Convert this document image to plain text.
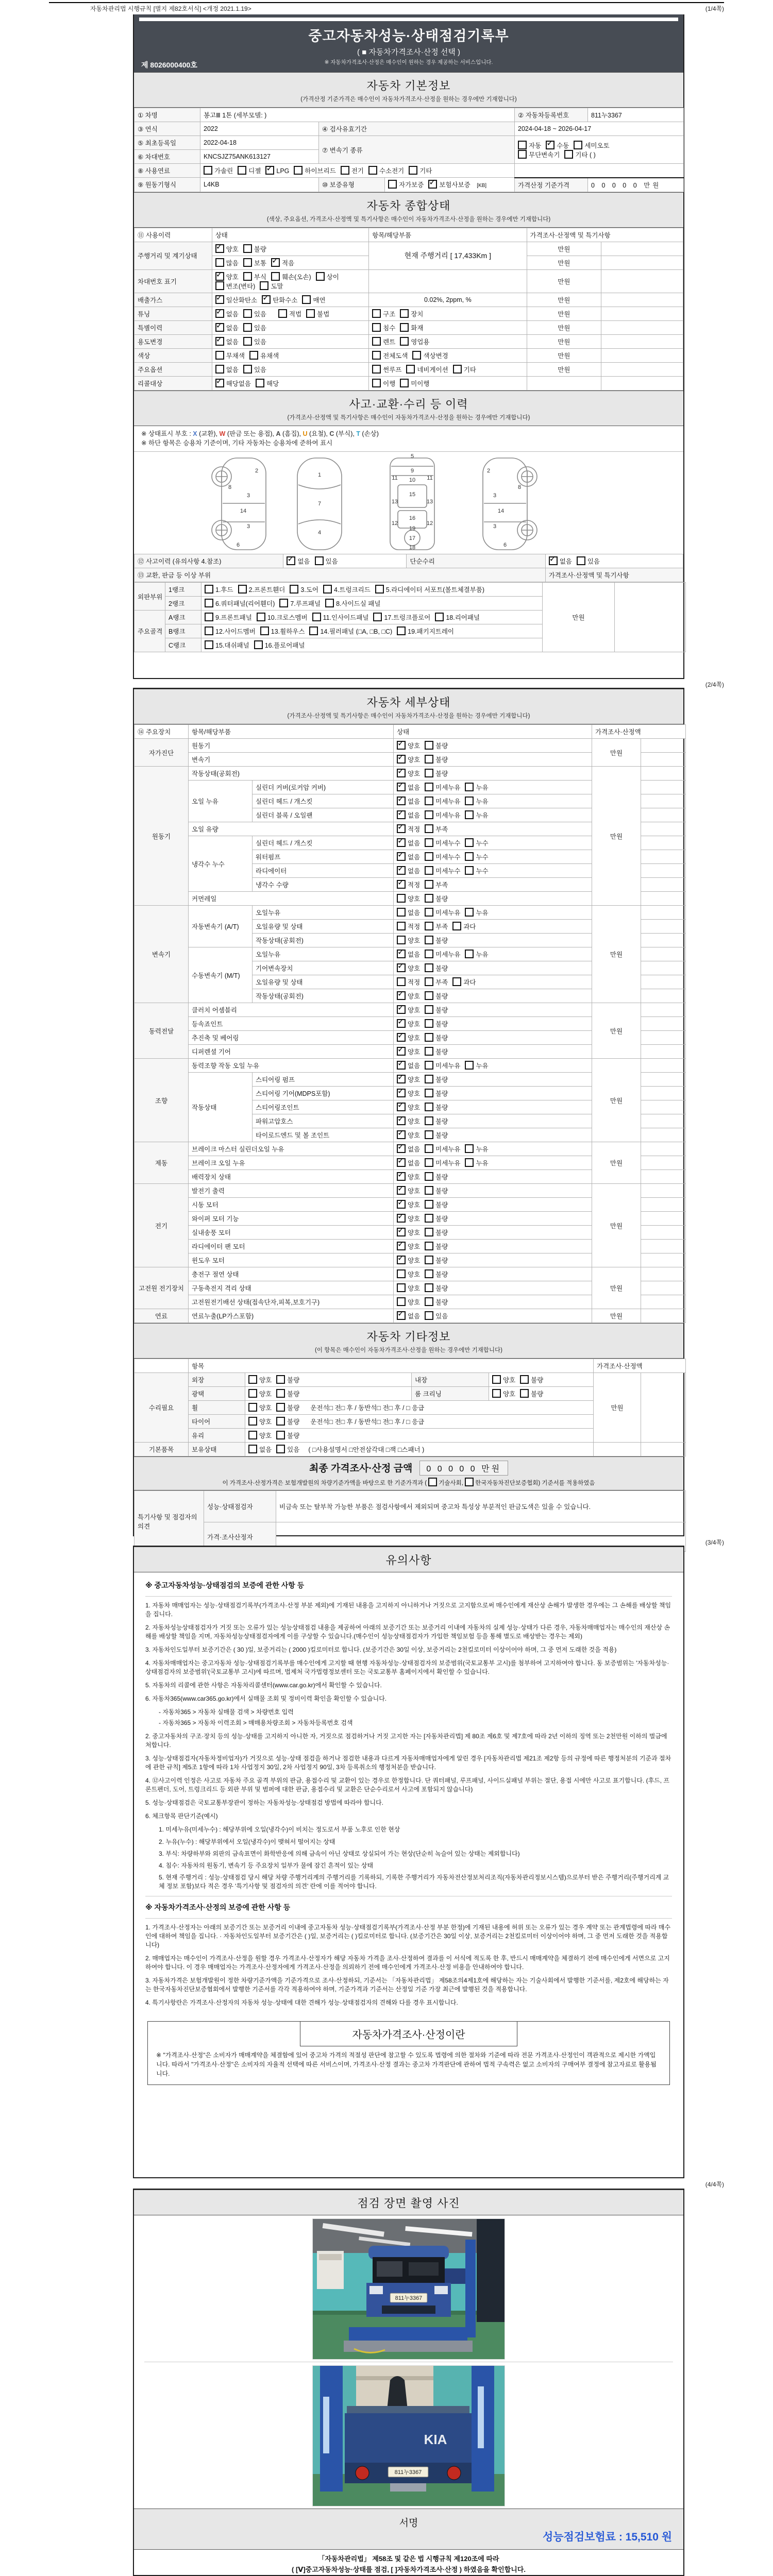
자동차관리법 시행규칙 [별지 제82호서식] <개정 2021.1.19>	(1/4쪽)
(2/4쪽)
(3/4쪽)
(4/4쪽)
중고자동차성능·상태점검기록부
( ■ 자동차가격조사·산정 선택 )
※ 자동차가격조사·산정은 매수인이 원하는 경우 제공하는 서비스입니다.
제 8026000400호
자동차 기본정보
(가격산정 기준가격은 매수인이 자동차가격조사·산정을 원하는 경우에만 기재합니다)
① 차명	봉고Ⅲ 1톤 (세부모델: )			② 자동차등록번호	811누3367
③ 연식	2022	④ 검사유효기간		2024-04-18 ~ 2026-04-17	
⑤ 최초등록일	2022-04-18	⑦ 변속기 종류		자동 ✓ 수동 세미오토
무단변속기 기타 ( )
⑥ 차대번호	KNCSJZ75ANK613127				
⑧ 사용연료	가솔린 디젤 ✓ LPG 하이브리드 전기 수소전기 기타	
⑨ 원동기형식	L4KB	⑩ 보증유형	자가보증 ✓ 보험사보증 [KB]	가격산정 기준가격	0 0 0 0 0 만원
자동차 종합상태
(색상, 주요옵션, 가격조사·산정액 및 특기사항은 매수인이 자동차가격조사·산정을 원하는 경우에만 기재합니다)
⑪ 사용이력	상태	항목/해당부품	가격조사·산정액 및 특기사항	
주행거리 및 계기상태	✓양호 불량	현재 주행거리 [ 17,433Km ]	만원	
	많음 보통 ✓ 적음		만원	
차대번호 표기	✓양호 부식 훼손(오손) 상이변조(변타) 도말		만원	
배출가스	✓일산화탄소 ✓ 탄화수소 매연	0.02%, 2ppm, %	만원	
튜닝	✓없음 있음 적법 불법	구조 장치	만원	
특별이력	✓없음 있음	침수 화재	만원	
용도변경	✓없음 있음	렌트 영업용	만원	
색상	무채색 유채색	전체도색 색상변경	만원	
주요옵션	없음 있음	썬루프 네비게이션 기타	만원	
리콜대상	✓해당없음 해당	이행 미이행		
사고·교환·수리 등 이력
(가격조사·산정액 및 특기사항은 매수인이 자동차가격조사·산정을 원하는 경우에만 기재합니다)
※ 상태표시 부호 : X (교환), W (판금 또는 용접), A (흠집), U (요철), C (부식), T (손상)
※ 하단 항목은 승용차 기준이며, 기타 자동차는 승용차에 준하여 표시
2
8
3
14
3
6
1
7
4
5
9
10
15
16
11	11
13	13
19
12	12
17
18
2
3
8
14
3
6
⑫ 사고이력 (유의사항 4.참조)	✓없음 있음	단순수리	✓없음 있음
⑬ 교환, 판금 등 이상 부위			가격조사·산정액 및 특기사항
외판부위	1랭크	1.후드 2.프론트휀더 3.도어 4.트렁크리드 5.라디에이터 서포트(볼트체결부품)	만원	
	2랭크	6.쿼터패널(리어휀더) 7.루프패널 8.사이드실 패널		
주요골격	A랭크	9.프론트패널 10.크로스멤버 11.인사이드패널 17.트렁크플로어 18.리어패널		
	B랭크	12.사이드멤버 13.휠하우스 14.필러패널 (□A, □B, □C) 19.패키지트레이		
	C랭크	15.대쉬패널 16.플로어패널		
자동차 세부상태
(가격조사·산정액 및 특기사항은 매수인이 자동차가격조사·산정을 원하는 경우에만 기재합니다)
⑭ 주요장치	항목/해당부품		상태	가격조사·산정액	
자가진단	원동기	✓양호 불량	만원	
	변속기	✓양호 불량	
원동기	작동상태(공회전)	✓양호 불량	만원	
	오일 누유	실린더 커버(로커암 커버)	✓없음 미세누유 누유	
		실린더 헤드 / 개스킷	✓없음 미세누유 누유	
		실린더 블록 / 오일팬	✓없음 미세누유 누유	
	오일 유량	✓적정 부족	
	냉각수 누수	실린더 헤드 / 개스킷	✓없음 미세누수 누수	
		워터펌프	✓없음 미세누수 누수	
		라디에이터	✓없음 미세누수 누수	
		냉각수 수량	✓적정 부족	
	커먼레일		양호 불량		
변속기	자동변속기 (A/T)	오일누유	없음 미세누유 누유	만원	
		오일유량 및 상태	적정 부족 과다		
		작동상태(공회전)	양호 불량		
	수동변속기 (M/T)	오일누유	✓없음 미세누유 누유	
		기어변속장치	✓양호 불량	
		오일유량 및 상태	적정 부족 과다		
		작동상태(공회전)	✓양호 불량	
동력전달	클러치 어셈블리	✓양호 불량	만원	
	등속죠인트	✓양호 불량	
	추진축 및 베어링	✓양호 불량	
	디퍼렌셜 기어	✓양호 불량	
조향	동력조향 작동 오일 누유	✓없음 미세누유 누유	만원	
	작동상태	스티어링 펌프	✓양호 불량	
		스티어링 기어(MDPS포함)	✓양호 불량	
		스티어링조인트	✓양호 불량	
		파워고압호스	✓양호 불량	
		타이로드엔드 및 볼 조인트	✓양호 불량	
제동	브레이크 마스터 실린더오일 누유	✓없음 미세누유 누유	만원	
	브레이크 오일 누유	✓없음 미세누유 누유	
	배력장치 상태	✓양호 불량	
전기	발전기 출력	✓양호 불량	만원	
	시동 모터	✓양호 불량	
	와이퍼 모터 기능	✓양호 불량	
	실내송풍 모터	✓양호 불량	
	라디에이터 팬 모터	✓양호 불량	
	윈도우 모터	✓양호 불량	
고전원 전기장치	충전구 절연 상태		양호 불량	만원	
	구동축전지 격리 상태		양호 불량		
	고전원전기배선 상태(접속단자,피복,보호기구)		양호 불량		
연료	연료누출(LP가스포함)	✓없음 있음	만원	
자동차 기타정보
(이 항목은 매수인이 자동차가격조사·산정을 원하는 경우에만 기재합니다)
	항목				가격조사·산정액	
수리필요	외장	양호 불량	내장	양호 불량	만원	
	광택	양호 불량	룸 크리닝	양호 불량		
	휠	양호 불량 운전석□ 전□ 후 / 동반석□ 전□ 후 / □ 응급				
	타이어	양호 불량 운전석□ 전□ 후 / 동반석□ 전□ 후 / □ 응급				
	유리	양호 불량				
기본품목	보유상태	없음 있음 ( □사용설명서 □안전삼각대 □잭 □스패너 )				
최종 가격조사·산정 금액 0 0 0 0 0 만원
이 가격조사·산정가격은 보험개발원의 차량기준가액을 바탕으로 한 기준가격과 ( 기술사회, 한국자동차진단보증협회) 기준서를 적용하였음
특기사항 및 점검자의 의견	성능·상태점검자	비금속 또는 탈부착 가능한 부품은 점검사항에서 제외되며 중고차 특성상 부분적인 판금도색은 있을 수 있습니다.
	가격·조사산정자	
유의사항
※ 중고자동차성능·상태점검의 보증에 관한 사항 등
1. 자동차 매매업자는 성능·상태점검기록부(가격조사·산정 부분 제외)에 기재된 내용을 고지하지 아니하거나 거짓으로 고지함으로써 매수인에게 재산상 손해가 발생한 경우에는 그 손해를 배상할 책임을 집니다.
2. 자동차성능상태점검자가 거짓 또는 오류가 있는 성능상태점검 내용을 제공하여 아래의 보증기간 또는 보증거리 이내에 자동차의 실제 성능·상태가 다른 경우, 자동차매매업자는 매수인의 재산상 손해를 배상할 책임을 지며, 자동차성능상태점검자에게 이를 구상할 수 있습니다.(매수인이 성능상태점검자가 가입한 책임보험 등을 통해 별도로 배상받는 경우는 제외)
3. 자동차인도일부터 보증기간은 ( 30 )일, 보증거리는 ( 2000 )킬로미터로 합니다. (보증기간은 30일 이상, 보증거리는 2천킬로미터 이상이어야 하며, 그 중 먼저 도래한 것을 적용)
4. 자동차매매업자는 중고자동차 성능·상태점검기록부를 매수인에게 고지할 때 현행 자동차성능·상태점검자의 보증범위(국토교통부 고시)를 첨부하여 고지하여야 합니다. 동 보증범위는 '자동차성능·상태점검자의 보증범위'(국토교통부 고시)에 따르며, 법제처 국가법령정보센터 또는 국토교통부 홈페이지에서 확인할 수 있습니다.
5. 자동차의 리콜에 관한 사항은 자동차리콜센터(www.car.go.kr)에서 확인할 수 있습니다.
6. 자동차365(www.car365.go.kr)에서 실매물 조회 및 정비이력 확인을 확인할 수 있습니다.
- 자동차365 > 자동차 실매물 검색 > 차량번호 입력
- 자동차365 > 자동차 이력조회 > 매매용차량조회 > 자동차등록번호 검색
2. 중고자동차의 구조·장치 등의 성능·상태를 고지하지 아니한 자, 거짓으로 점검하거나 거짓 고지한 자는 [자동차관리법] 제 80조 제6호 및 제7호에 따라 2년 이하의 징역 또는 2천만원 이하의 벌금에 처합니다.
3. 성능·상태점검자(자동차정비업자)가 거짓으로 성능·상태 점검을 하거나 점검한 내용과 다르게 자동차매매업자에게 알린 경우 [자동차관리법 제21조 제2항 등의 규정에 따른 행정처분의 기준과 절차에 관한 규칙] 제5조 1항에 따라 1차 사업정지 30일, 2차 사업정지 90일, 3차 등록취소의 행정처분을 받습니다.
4. ⑫사고이력 인정은 사고로 자동차 주요 골격 부위의 판금, 용접수리 및 교환이 있는 경우로 한정합니다. 단 쿼터패널, 루프패널, 사이드실패널 부위는 절단, 용접 시에만 사고로 표기합니다. (후드, 프론트펜더, 도어, 트렁크리드 등 외판 부위 및 범퍼에 대한 판금, 용접수리 및 교환은 단순수리로서 사고에 포함되지 않습니다)
5. 성능·상태점검은 국토교통부장관이 정하는 자동차성능·상태점검 방법에 따라야 합니다.
6. 체크항목 판단기준(예시)
1. 미세누유(미세누수) : 해당부위에 오일(냉각수)이 비치는 정도로서 부품 노후로 인한 현상
2. 누유(누수) : 해당부위에서 오일(냉각수)이 맺혀서 떨어지는 상태
3. 부식: 차량하부와 외판의 금속표면이 화학반응에 의해 금속이 아닌 상태로 상실되어 가는 현상(단순히 녹슬어 있는 상태는 제외합니다)
4. 침수: 자동차의 원동기, 변속기 등 주요장치 일부가 물에 잠긴 흔적이 있는 상태
5. 현재 주행거리 : 성능·상태점검 당시 해당 차량 주행거리계의 주행거리를 기록하되, 기록한 주행거리가 자동차전산정보처리조직(자동차관리정보시스템)으로부터 받은 주행거리(주행거리계 교체 정보 포함)보다 적은 경우 '특기사항 및 점검자의 의견' 란에 이를 적어야 합니다.
※ 자동차가격조사·산정의 보증에 관한 사항 등
1. 가격조사·산정자는 아래의 보증기간 또는 보증거리 이내에 중고자동차 성능·상태점검기록부(가격조사·산정 부분 한정)에 기재된 내용에 허위 또는 오류가 있는 경우 계약 또는 관계법령에 따라 매수인에 대하여 책임을 집니다. · 자동차인도일부터 보증기간은 ( )일, 보증거리는 ( )킬로미터로 합니다. (보증기간은 30일 이상, 보증거리는 2천킬로미터 이상이어야 하며, 그 중 먼저 도래한 것을 적용합니다)
2. 매매업자는 매수인이 가격조사·산정을 원할 경우 가격조사·산정자가 해당 자동차 가격을 조사·산정하여 결과를 이 서식에 적도록 한 후, 반드시 매매계약을 체결하기 전에 매수인에게 서면으로 고지하여야 합니다. 이 경우 매매업자는 가격조사·산정자에게 가격조사·산정을 의뢰하기 전에 매수인에게 가격조사·산정 비용을 안내하여야 합니다.
3. 자동차가격은 보험개발원이 정한 차량기준가액을 기준가격으로 조사·산정하되, 기준서는 「자동차관리법」 제58조의4제1호에 해당하는 자는 기술사회에서 발행한 기준서를, 제2호에 해당하는 자는 한국자동차진단보증협회에서 발행한 기준서를 각각 적용하여야 하며, 기준가격과 기준서는 산정일 기준 가장 최근에 발행된 것을 적용합니다.
4. 특기사항란은 가격조사·산정자의 자동차 성능·상태에 대한 견해가 성능·상태점검자의 견해와 다를 경우 표시합니다.
자동차가격조사·산정이란
※ "가격조사·산정"은 소비자가 매매계약을 체결함에 있어 중고차 가격의 적절성 판단에 참고할 수 있도록 법령에 의한 절차와 기준에 따라 전문 가격조사·산정인이 객관적으로 제시한 가액입니다. 따라서 "가격조사·산정"은 소비자의 자율적 선택에 따른 서비스이며, 가격조사·산정 결과는 중고차 가격판단에 관하여 법적 구속력은 없고 소비자의 구매여부 결정에 참고자료로 활용됩니다.
점검 장면 촬영 사진
811누3367
KIA
811누3367
서명
성능점검보험료 : 15,510 원
「자동차관리법」 제58조 및 같은 법 시행규칙 제120조에 따라
( [Ⅴ]중고자동차성능·상태를 점검, [ ]자동차가격조사·산정 ) 하였음을 확인합니다.
